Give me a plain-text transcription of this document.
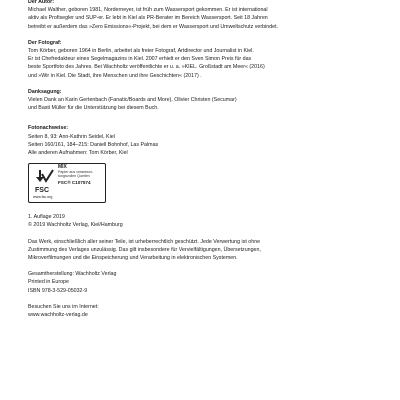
Der Autor:

Michael Walther, geboren 1981, Norderneyer, ist früh zum Wassersport gekommen. Er ist international

aktiv als Profisegler und SUP-er. Er lebt in Kiel als PR-Berater im Bereich Wassersport. Seit 18 Jahren

betreibt er außerdem das »Zero Emissions«-Projekt, bei dem er Wassersport und Umweltschutz verbindet.

Der Fotograf:

Tom Körber, geboren 1964 in Berlin, arbeitet als freier Fotograf, Artdirector und Journalist in Kiel.

Er ist Chefredakteur eines Segelmagazins in Kiel. 2007 erhielt er den Sven Simon Preis für das

beste Sportfoto des Jahres. Bei Wachholtz veröffentlichte er u. a. »KIEL. Großstadt am Meer« (2016)

und »Wir in Kiel. Die Stadt, ihre Menschen und ihre Geschichten« (2017) .

Danksagung:

Vielen Dank an Karin Gertenbach (Fanatic/Boards and More), Olivier Christen (Secumar)

und Basti Müller für die Unterstützung bei diesem Buch.

Fotonachweise:

Seiten 8, 93: Ann-Kathrin Seidel, Kiel

Seiten 160/161, 184–215: Daniell Bohnhof, Las Palmas

Alle anderen Aufnahmen: Tom Körber, Kiel

FSC
MIX
Papier aus verantwor-
tungsvollen Quellen
FSC® C107574
www.fsc.org

1. Auflage 2019

© 2019 Wachholtz Verlag, Kiel/Hamburg

Das Werk, einschließlich aller seiner Teile, ist urheberrechtlich geschützt. Jede Verwertung ist ohne

Zustimmung des Verlages unzulässig. Das gilt insbesondere für Vervielfältigungen, Übersetzungen,

Mikroverfilmungen und die Einspeicherung und Verarbeitung in elektronischen Systemen.

Gesamtherstellung: Wachholtz Verlag

Printed in Europe

ISBN 978-3-529-05032-9

Besuchen Sie uns im Internet:

www.wachholtz-verlag.de
